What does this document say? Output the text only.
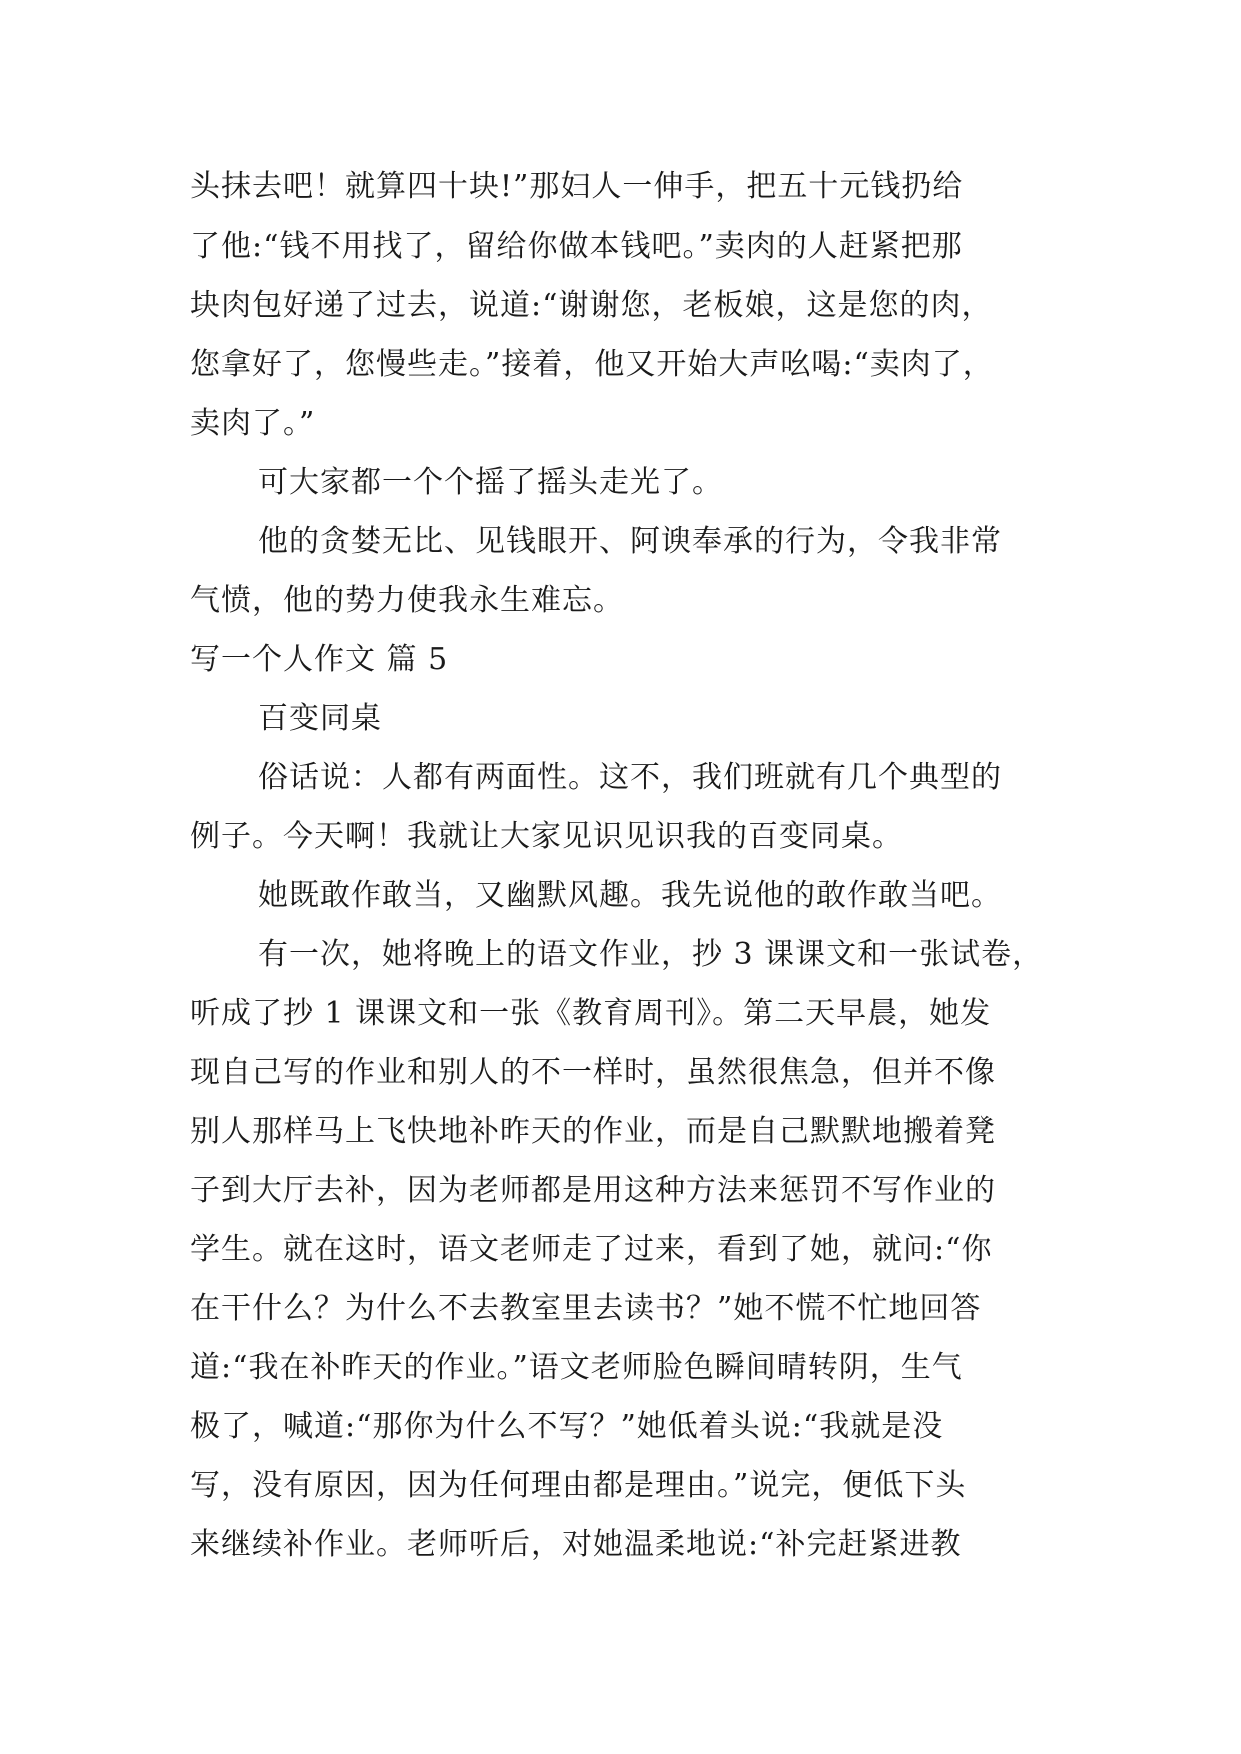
头抹去吧！就算四十块!”那妇人一伸手，把五十元钱扔给
了他:“钱不用找了，留给你做本钱吧。”卖肉的人赶紧把那
块肉包好递了过去，说道:“谢谢您，老板娘，这是您的肉，
您拿好了，您慢些走。”接着，他又开始大声吆喝:“卖肉了，
卖肉了。”
可大家都一个个摇了摇头走光了。
他的贪婪无比、见钱眼开、阿谀奉承的行为，令我非常
气愤，他的势力使我永生难忘。
写一个人作文 篇 5
百变同桌
俗话说：人都有两面性。这不，我们班就有几个典型的
例子。今天啊！我就让大家见识见识我的百变同桌。
她既敢作敢当，又幽默风趣。我先说他的敢作敢当吧。
有一次，她将晚上的语文作业，抄 3 课课文和一张试卷，
听成了抄 1 课课文和一张《教育周刊》。第二天早晨，她发
现自己写的作业和别人的不一样时，虽然很焦急，但并不像
别人那样马上飞快地补昨天的作业，而是自己默默地搬着凳
子到大厅去补，因为老师都是用这种方法来惩罚不写作业的
学生。就在这时，语文老师走了过来，看到了她，就问:“你
在干什么？为什么不去教室里去读书？”她不慌不忙地回答
道:“我在补昨天的作业。”语文老师脸色瞬间晴转阴，生气
极了，喊道:“那你为什么不写？”她低着头说:“我就是没
写，没有原因，因为任何理由都是理由。”说完，便低下头
来继续补作业。老师听后，对她温柔地说:“补完赶紧进教
